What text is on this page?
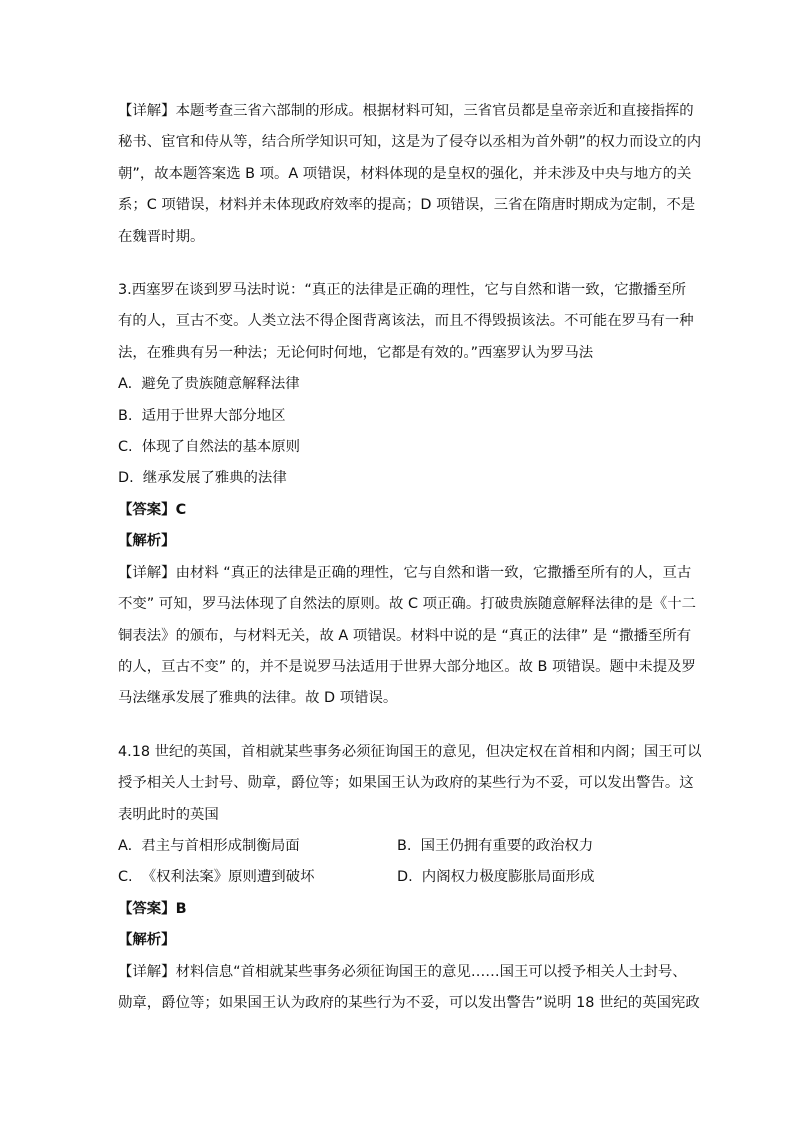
【详解】本题考查三省六部制的形成。根据材料可知，三省官员都是皇帝亲近和直接指挥的
秘书、宦官和侍从等，结合所学知识可知，这是为了侵夺以丞相为首外朝”的权力而设立的内
朝”，故本题答案选 B 项。A 项错误，材料体现的是皇权的强化，并未涉及中央与地方的关
系；C 项错误，材料并未体现政府效率的提高；D 项错误，三省在隋唐时期成为定制，不是
在魏晋时期。
3.西塞罗在谈到罗马法时说：“真正的法律是正确的理性，它与自然和谐一致，它撒播至所
有的人，亘古不变。人类立法不得企图背离该法，而且不得毁损该法。不可能在罗马有一种
法，在雅典有另一种法；无论何时何地，它都是有效的。”西塞罗认为罗马法
A.  避免了贵族随意解释法律
B.  适用于世界大部分地区
C.  体现了自然法的基本原则
D.  继承发展了雅典的法律
【答案】C
【解析】
【详解】由材料 “真正的法律是正确的理性，它与自然和谐一致，它撒播至所有的人，亘古
不变” 可知，罗马法体现了自然法的原则。故 C 项正确。打破贵族随意解释法律的是《十二
铜表法》的颁布，与材料无关，故 A 项错误。材料中说的是 “真正的法律” 是 “撒播至所有
的人，亘古不变” 的，并不是说罗马法适用于世界大部分地区。故 B 项错误。题中未提及罗
马法继承发展了雅典的法律。故 D 项错误。
4.18 世纪的英国，首相就某些事务必须征询国王的意见，但决定权在首相和内阁；国王可以
授予相关人士封号、勋章，爵位等；如果国王认为政府的某些行为不妥，可以发出警告。这
表明此时的英国
A.  君主与首相形成制衡局面	B.  国王仍拥有重要的政治权力
C.  《权利法案》原则遭到破坏	D.  内阁权力极度膨胀局面形成
【答案】B
【解析】
【详解】材料信息“首相就某些事务必须征询国王的意见……国王可以授予相关人士封号、
勋章，爵位等；如果国王认为政府的某些行为不妥，可以发出警告”说明 18 世纪的英国宪政
